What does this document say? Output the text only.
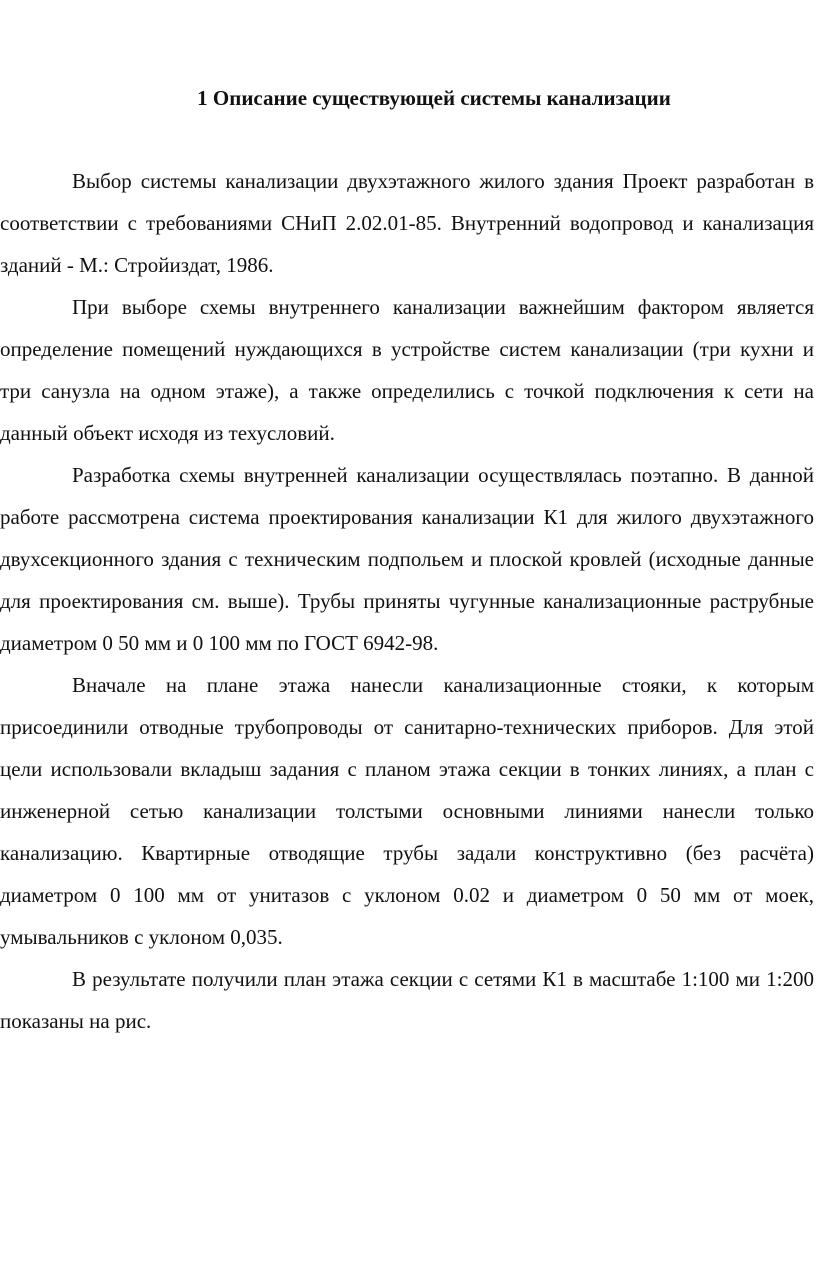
1 Описание существующей системы канализации

Выбор системы канализации двухэтажного жилого здания Проект разработан в соответствии с требованиями СНиП 2.02.01-85. Внутренний водопровод и канализация зданий - М.: Стройиздат, 1986.

При выборе схемы внутреннего канализации важнейшим фактором является определение помещений нуждающихся в устройстве систем канализации (три кухни и три санузла на одном этаже), а также определились с точкой подключения к сети на данный объект исходя из техусловий.

Разработка схемы внутренней канализации осуществлялась поэтапно. В данной работе рассмотрена система проектирования канализации К1 для жилого двухэтажного двухсекционного здания с техническим подпольем и плоской кровлей (исходные данные для проектирования см. выше). Трубы приняты чугунные канализационные раструбные диаметром 0 50 мм и 0 100 мм по ГОСТ 6942-98.

Вначале на плане этажа нанесли канализационные стояки, к которым присоединили отводные трубопроводы от санитарно-технических приборов. Для этой цели использовали вкладыш задания с планом этажа секции в тонких линиях, а план с инженерной сетью канализации толстыми основными линиями нанесли только канализацию. Квартирные отводящие трубы задали конструктивно (без расчёта) диаметром 0 100 мм от унитазов с уклоном 0.02 и диаметром 0 50 мм от моек, умывальников с уклоном 0,035.

В результате получили план этажа секции с сетями К1 в масштабе 1:100 ми 1:200 показаны на рис.
